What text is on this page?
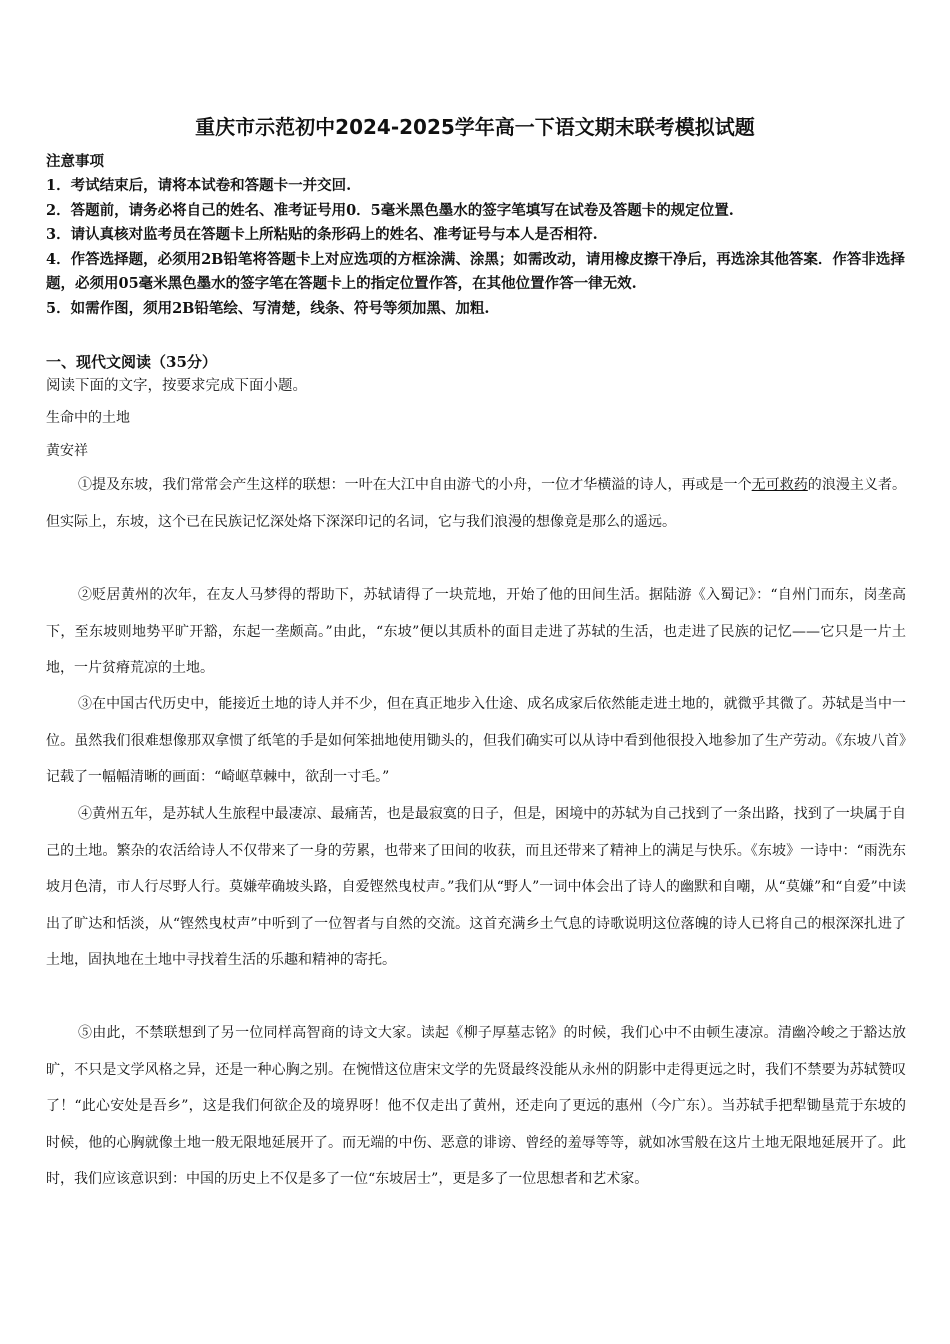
重庆市示范初中2024-2025学年高一下语文期末联考模拟试题
注意事项
1．考试结束后，请将本试卷和答题卡一并交回.
2．答题前，请务必将自己的姓名、准考证号用0．5毫米黑色墨水的签字笔填写在试卷及答题卡的规定位置.
3．请认真核对监考员在答题卡上所粘贴的条形码上的姓名、准考证号与本人是否相符.
4．作答选择题，必须用2B铅笔将答题卡上对应选项的方框涂满、涂黑；如需改动，请用橡皮擦干净后，再选涂其他答案．作答非选择题，必须用05毫米黑色墨水的签字笔在答题卡上的指定位置作答，在其他位置作答一律无效.
5．如需作图，须用2B铅笔绘、写清楚，线条、符号等须加黑、加粗.
一、现代文阅读（35分）
阅读下面的文字，按要求完成下面小题。
生命中的土地
黄安祥
①提及东坡，我们常常会产生这样的联想：一叶在大江中自由游弋的小舟，一位才华横溢的诗人，再或是一个无可救药的浪漫主义者。但实际上，东坡，这个已在民族记忆深处烙下深深印记的名词，它与我们浪漫的想像竟是那么的遥远。
②贬居黄州的次年，在友人马梦得的帮助下，苏轼请得了一块荒地，开始了他的田间生活。据陆游《入蜀记》：“自州门而东，岗垄高下，至东坡则地势平旷开豁，东起一垄颇高。”由此，“东坡”便以其质朴的面目走进了苏轼的生活，也走进了民族的记忆——它只是一片土地，一片贫瘠荒凉的土地。
③在中国古代历史中，能接近土地的诗人并不少，但在真正地步入仕途、成名成家后依然能走进土地的，就微乎其微了。苏轼是当中一位。虽然我们很难想像那双拿惯了纸笔的手是如何笨拙地使用锄头的，但我们确实可以从诗中看到他很投入地参加了生产劳动。《东坡八首》记载了一幅幅清晰的画面：“崎岖草棘中，欲刮一寸毛。”
④黄州五年，是苏轼人生旅程中最凄凉、最痛苦，也是最寂寞的日子，但是，困境中的苏轼为自己找到了一条出路，找到了一块属于自己的土地。繁杂的农活给诗人不仅带来了一身的劳累，也带来了田间的收获，而且还带来了精神上的满足与快乐。《东坡》一诗中：“雨洗东坡月色清，市人行尽野人行。莫嫌荦确坡头路，自爱铿然曳杖声。”我们从“野人”一词中体会出了诗人的幽默和自嘲，从“莫嫌”和“自爱”中读出了旷达和恬淡，从“铿然曳杖声”中听到了一位智者与自然的交流。这首充满乡土气息的诗歌说明这位落魄的诗人已将自己的根深深扎进了土地，固执地在土地中寻找着生活的乐趣和精神的寄托。
⑤由此，不禁联想到了另一位同样高智商的诗文大家。读起《柳子厚墓志铭》的时候，我们心中不由顿生凄凉。清幽冷峻之于豁达放旷，不只是文学风格之异，还是一种心胸之别。在惋惜这位唐宋文学的先贤最终没能从永州的阴影中走得更远之时，我们不禁要为苏轼赞叹了！“此心安处是吾乡”，这是我们何欲企及的境界呀！他不仅走出了黄州，还走向了更远的惠州（今广东）。当苏轼手把犁锄垦荒于东坡的时候，他的心胸就像土地一般无限地延展开了。而无端的中伤、恶意的诽谤、曾经的羞辱等等，就如冰雪般在这片土地无限地延展开了。此时，我们应该意识到：中国的历史上不仅是多了一位“东坡居士”，更是多了一位思想者和艺术家。
